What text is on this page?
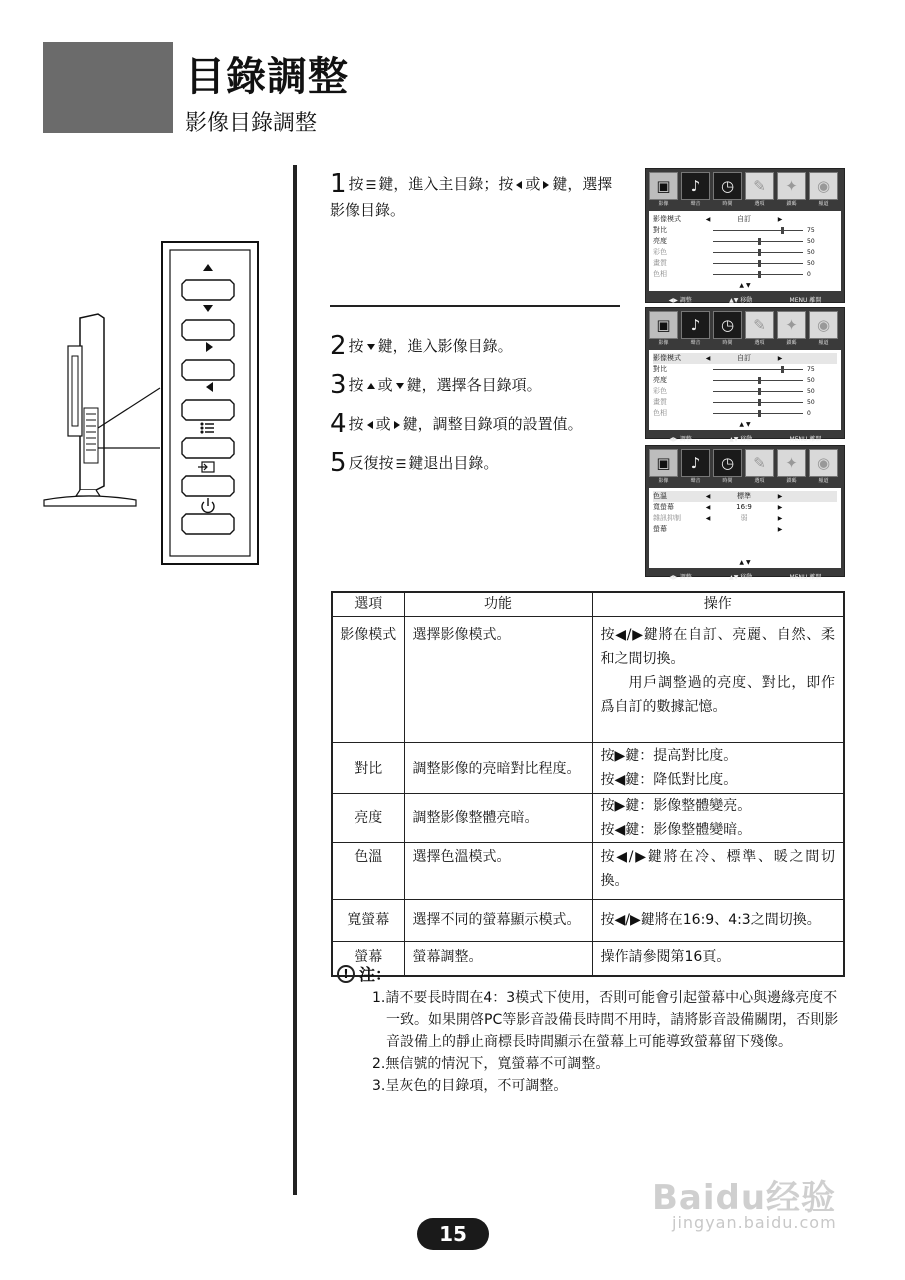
目錄調整
影像目錄調整
1 按 ☰ 鍵，進入主目錄；按 或 鍵，選擇影像目錄。
2 按 鍵，進入影像目錄。
3 按 或 鍵，選擇各目錄項。
4 按 或 鍵，調整目錄項的設置值。
5 反復按 ☰ 鍵退出目錄。
▣	♪	◷	✎	✦	◉
影像	聲音	時間	選項	鎖碼	頻道
影像模式	◀	自訂	▶
對比	75
亮度	50
彩色	50
畫質	50
色相	0
▲ ▼
◀▶ 調整	▲▼ 移動	MENU 離開
▣	♪	◷	✎	✦	◉
影像	聲音	時間	選項	鎖碼	頻道
影像模式	◀	自訂	▶
對比	75
亮度	50
彩色	50
畫質	50
色相	0
▲ ▼
◀▶ 調整	▲▼ 移動	MENU 離開
▣	♪	◷	✎	✦	◉
影像	聲音	時間	選項	鎖碼	頻道
色溫	◀	標準	▶
寬螢幕	◀	16:9	▶
雜訊抑制	◀	弱	▶
螢幕	▶
▲ ▼
◀▶ 調整	▲▼ 移動	MENU 離開
選項	功能	操作
影像模式	選擇影像模式。	按◀/▶鍵將在自訂、亮麗、自然、柔和之間切換。
用戶調整過的亮度、對比，即作爲自訂的數據記憶。

對比	調整影像的亮暗對比程度。	按▶鍵：提高對比度。
按◀鍵：降低對比度。

亮度	調整影像整體亮暗。	按▶鍵：影像整體變亮。
按◀鍵：影像整體變暗。

色溫	選擇色溫模式。	按◀/▶鍵將在冷、標準、暖之間切換。

寬螢幕	選擇不同的螢幕顯示模式。	按◀/▶鍵將在16:9、4:3之間切換。

螢幕	螢幕調整。	操作請參閱第16頁。
! 注：

1.請不要長時間在4：3模式下使用，否則可能會引起螢幕中心與邊緣亮度不一致。如果開啓PC等影音設備長時間不用時，請將影音設備關閉，否則影音設備上的靜止商標長時間顯示在螢幕上可能導致螢幕留下殘像。

2.無信號的情況下，寬螢幕不可調整。

3.呈灰色的目錄項，不可調整。

15
Baidu经验
jingyan.baidu.com
